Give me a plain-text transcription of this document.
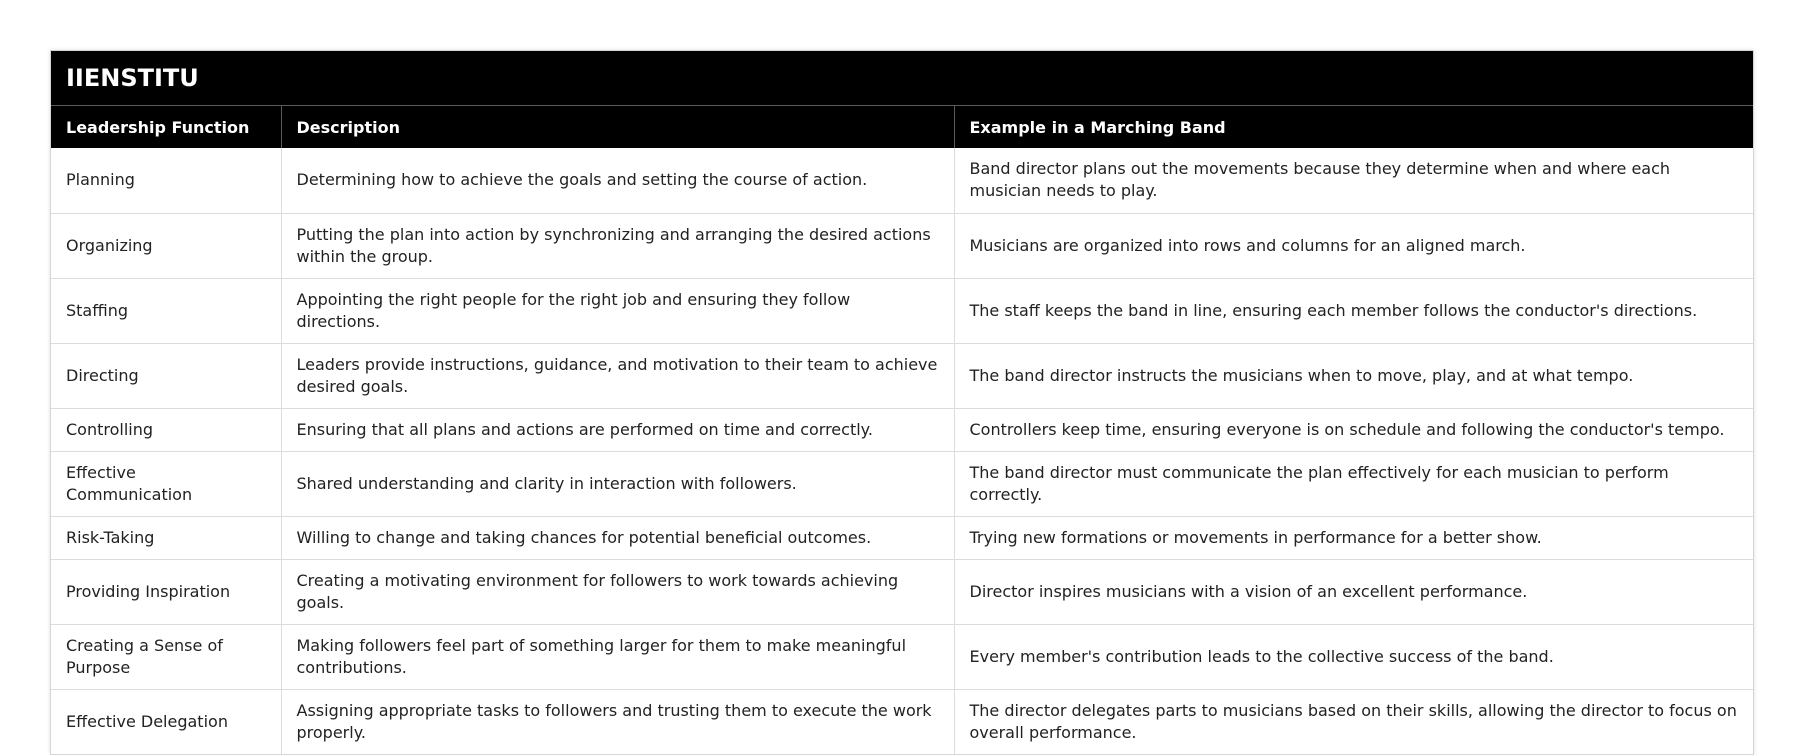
IIENSTITU		
Leadership Function	Description	Example in a Marching Band
Planning	Determining how to achieve the goals and setting the course of action.	Band director plans out the movements because they determine when and where each musician needs to play.
Organizing	Putting the plan into action by synchronizing and arranging the desired actions within the group.	Musicians are organized into rows and columns for an aligned march.
Staffing	Appointing the right people for the right job and ensuring they follow directions.	The staff keeps the band in line, ensuring each member follows the conductor's directions.
Directing	Leaders provide instructions, guidance, and motivation to their team to achieve desired goals.	The band director instructs the musicians when to move, play, and at what tempo.
Controlling	Ensuring that all plans and actions are performed on time and correctly.	Controllers keep time, ensuring everyone is on schedule and following the conductor's tempo.
Effective Communication	Shared understanding and clarity in interaction with followers.	The band director must communicate the plan effectively for each musician to perform correctly.
Risk-Taking	Willing to change and taking chances for potential beneficial outcomes.	Trying new formations or movements in performance for a better show.
Providing Inspiration	Creating a motivating environment for followers to work towards achieving goals.	Director inspires musicians with a vision of an excellent performance.
Creating a Sense of Purpose	Making followers feel part of something larger for them to make meaningful contributions.	Every member's contribution leads to the collective success of the band.
Effective Delegation	Assigning appropriate tasks to followers and trusting them to execute the work properly.	The director delegates parts to musicians based on their skills, allowing the director to focus on overall performance.
